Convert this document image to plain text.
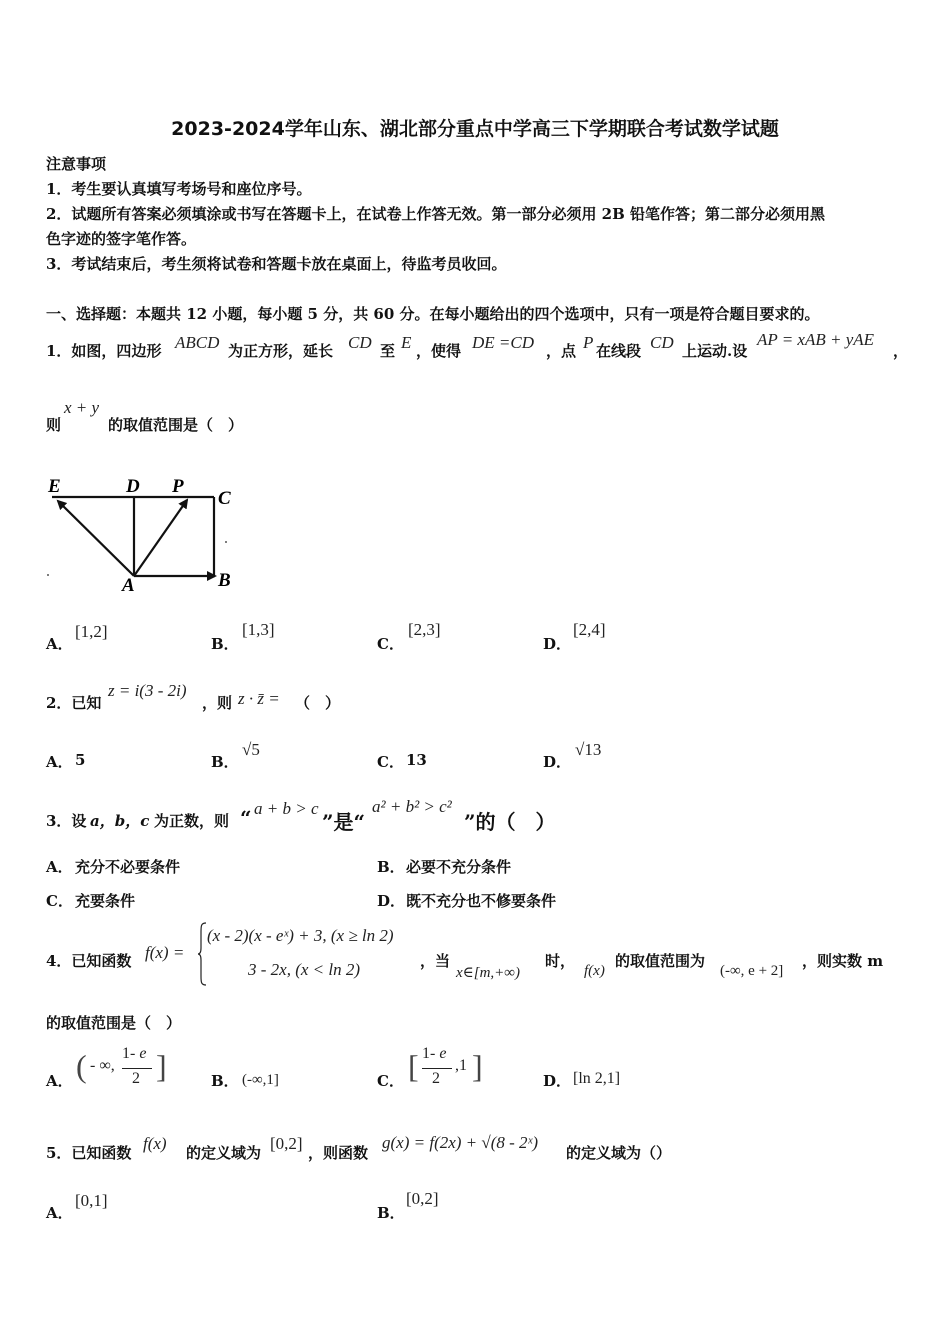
2023-2024学年山东、湖北部分重点中学高三下学期联合考试数学试题
注意事项
1．考生要认真填写考场号和座位序号。
2．试题所有答案必须填涂或书写在答题卡上，在试卷上作答无效。第一部分必须用 2B 铅笔作答；第二部分必须用黑
色字迹的签字笔作答。
3．考试结束后，考生须将试卷和答题卡放在桌面上，待监考员收回。
一、选择题：本题共 12 小题，每小题 5 分，共 60 分。在每小题给出的四个选项中，只有一项是符合题目要求的。
1．如图，四边形 ABCD 为正方形，延长 CD 至 E ，使得 DE =CD ，点 P 在线段 CD 上运动.设
AP = xAB + yAE
，
则
x + y
的取值范围是（　）
E	D P
C
A	B
A．
[1,2]
B．
[1,3]
C．
[2,3]
D．
[2,4]
2．已知
z = i(3 - 2i)
，则 z · z̄ = （　）
A． 5	B．
√5
C． 13	D．
√13
3．设 a，b，c 为正数，则 “ a + b > c
”是“
a² + b² > c²
”的（　）
A． 充分不必要条件	B． 必要不充分条件
C． 充要条件	D． 既不充分也不修要条件
4．已知函数 f(x) =
(x - 2)(x - eˣ) + 3, (x ≥ ln 2)
3 - 2x, (x < ln 2)	，当
x∈[m,+∞)
时，
f(x)
的取值范围为
(-∞, e + 2]
，则实数 m
的取值范围是（　）
A． ( - ∞,
1- e
2 ]	B． (-∞,1]	C． [ 1- e
2
,1 ]	D． [ln 2,1]
5．已知函数 f(x) 的定义域为 [0,2] ，则函数
g(x) = f(2x) + √(8 - 2ˣ)
的定义域为（）
A．
[0,1]
B．
[0,2]
